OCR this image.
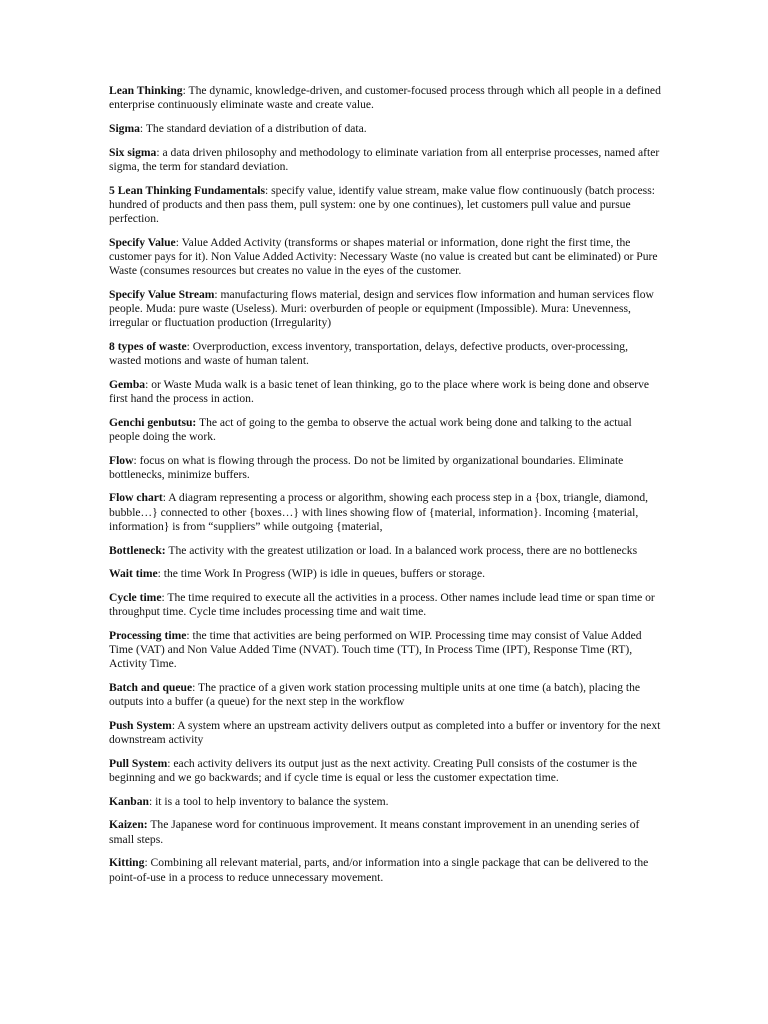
Lean Thinking: The dynamic, knowledge-driven, and customer-focused process through which all people in a defined enterprise continuously eliminate waste and create value.

Sigma: The standard deviation of a distribution of data.

Six sigma: a data driven philosophy and methodology to eliminate variation from all enterprise processes, named after sigma, the term for standard deviation.

5 Lean Thinking Fundamentals: specify value, identify value stream, make value flow continuously (batch process: hundred of products and then pass them, pull system: one by one continues), let customers pull value and pursue perfection.

Specify Value: Value Added Activity (transforms or shapes material or information, done right the first time, the customer pays for it). Non Value Added Activity: Necessary Waste (no value is created but cant be eliminated) or Pure Waste (consumes resources but creates no value in the eyes of the customer.

Specify Value Stream: manufacturing flows material, design and services flow information and human services flow people. Muda: pure waste (Useless). Muri: overburden of people or equipment (Impossible). Mura: Unevenness, irregular or fluctuation production (Irregularity)

8 types of waste: Overproduction, excess inventory, transportation, delays, defective products, over-processing, wasted motions and waste of human talent.

Gemba: or Waste Muda walk is a basic tenet of lean thinking, go to the place where work is being done and observe first hand the process in action.

Genchi genbutsu: The act of going to the gemba to observe the actual work being done and talking to the actual people doing the work.

Flow: focus on what is flowing through the process. Do not be limited by organizational boundaries. Eliminate bottlenecks, minimize buffers.

Flow chart: A diagram representing a process or algorithm, showing each process step in a {box, triangle, diamond, bubble…} connected to other {boxes…} with lines showing flow of {material, information}. Incoming {material, information} is from “suppliers” while outgoing {material,

Bottleneck: The activity with the greatest utilization or load. In a balanced work process, there are no bottlenecks

Wait time: the time Work In Progress (WIP) is idle in queues, buffers or storage.

Cycle time: The time required to execute all the activities in a process. Other names include lead time or span time or throughput time. Cycle time includes processing time and wait time.

Processing time: the time that activities are being performed on WIP. Processing time may consist of Value Added Time (VAT) and Non Value Added Time (NVAT). Touch time (TT), In Process Time (IPT), Response Time (RT), Activity Time.

Batch and queue: The practice of a given work station processing multiple units at one time (a batch), placing the outputs into a buffer (a queue) for the next step in the workflow

Push System: A system where an upstream activity delivers output as completed into a buffer or inventory for the next downstream activity

Pull System: each activity delivers its output just as the next activity. Creating Pull consists of the costumer is the beginning and we go backwards; and if cycle time is equal or less the customer expectation time.

Kanban: it is a tool to help inventory to balance the system.

Kaizen: The Japanese word for continuous improvement. It means constant improvement in an unending series of small steps.

Kitting: Combining all relevant material, parts, and/or information into a single package that can be delivered to the point-of-use in a process to reduce unnecessary movement.
